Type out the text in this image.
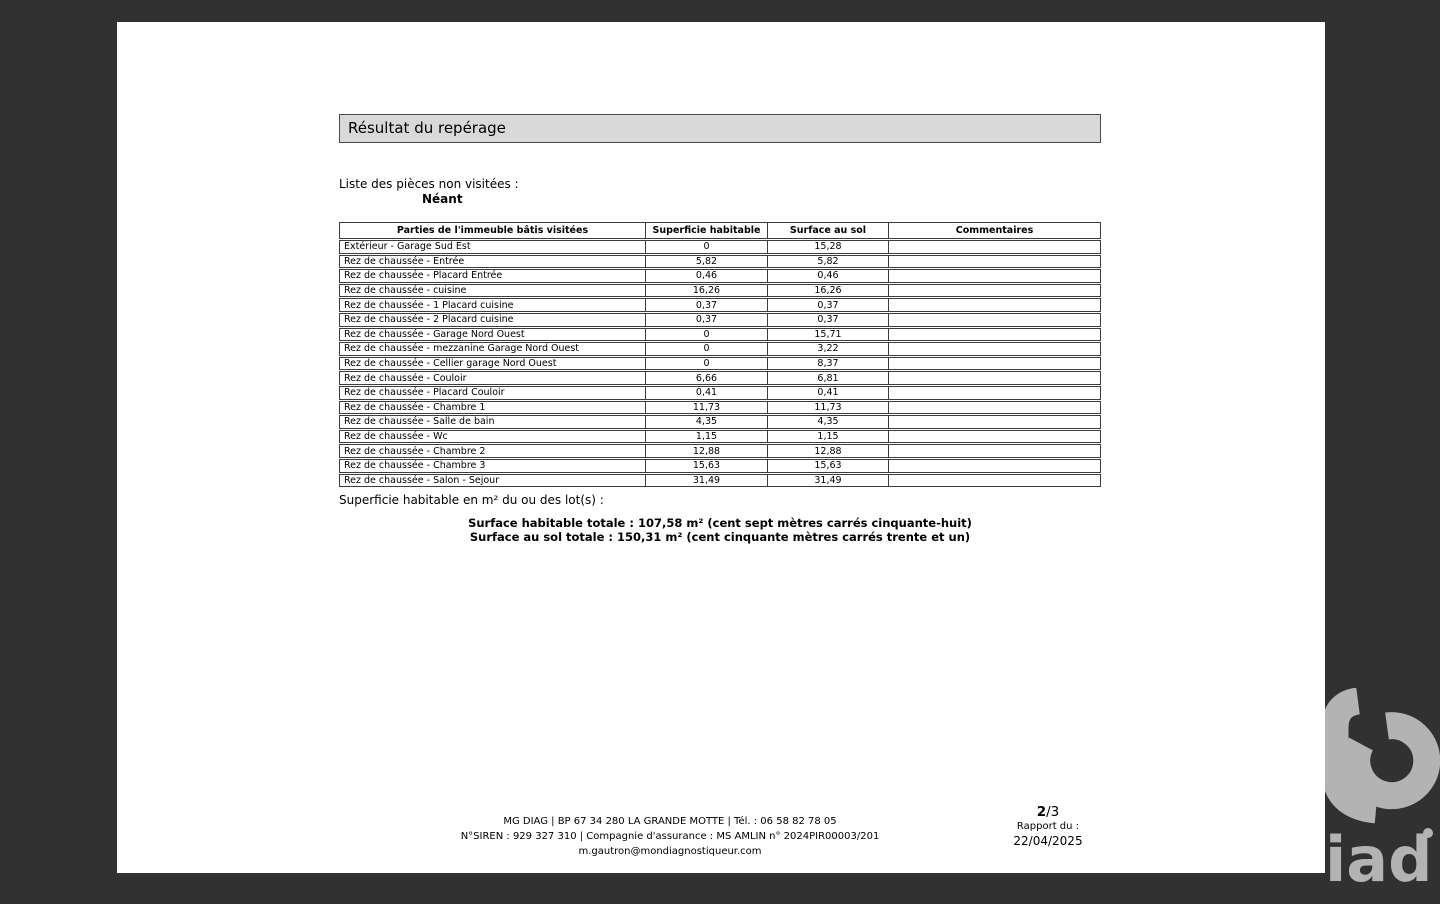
iad
Résultat du repérage
Liste des pièces non visitées :
Néant
Parties de l'immeuble bâtis visitées	Superficie habitable	Surface au sol	Commentaires
Extérieur - Garage Sud Est	0	15,28
Rez de chaussée - Entrée	5,82	5,82
Rez de chaussée - Placard Entrée	0,46	0,46
Rez de chaussée - cuisine	16,26	16,26
Rez de chaussée - 1 Placard cuisine	0,37	0,37
Rez de chaussée - 2 Placard cuisine	0,37	0,37
Rez de chaussée - Garage Nord Ouest	0	15,71
Rez de chaussée - mezzanine Garage Nord Ouest	0	3,22
Rez de chaussée - Cellier garage Nord Ouest	0	8,37
Rez de chaussée - Couloir	6,66	6,81
Rez de chaussée - Placard Couloir	0,41	0,41
Rez de chaussée - Chambre 1	11,73	11,73
Rez de chaussée - Salle de bain	4,35	4,35
Rez de chaussée - Wc	1,15	1,15
Rez de chaussée - Chambre 2	12,88	12,88
Rez de chaussée - Chambre 3	15,63	15,63
Rez de chaussée - Salon - Sejour	31,49	31,49
Superficie habitable en m² du ou des lot(s) :
Surface habitable totale : 107,58 m² (cent sept mètres carrés cinquante-huit)
Surface au sol totale : 150,31 m² (cent cinquante mètres carrés trente et un)
MG DIAG | BP 67 34 280 LA GRANDE MOTTE | Tél. : 06 58 82 78 05
N°SIREN : 929 327 310 | Compagnie d'assurance : MS AMLIN n° 2024PIR00003/201
m.gautron@mondiagnostiqueur.com
2/3
Rapport du :
22/04/2025
